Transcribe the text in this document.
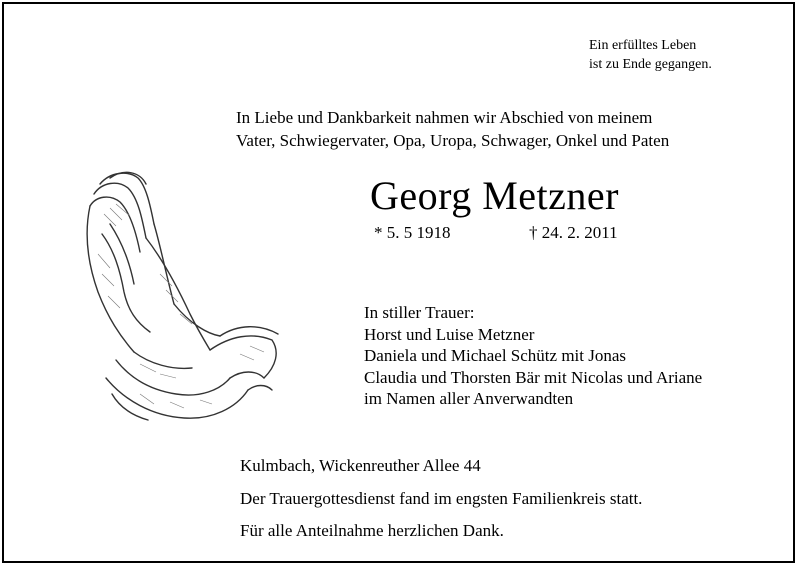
Ein erfülltes Leben
ist zu Ende gegangen.
In Liebe und Dankbarkeit nahmen wir Abschied von meinem
Vater, Schwiegervater, Opa, Uropa, Schwager, Onkel und Paten
Georg Metzner
* 5. 5 1918	† 24. 2. 2011
In stiller Trauer:
Horst und Luise Metzner
Daniela und Michael Schütz mit Jonas
Claudia und Thorsten Bär mit Nicolas und Ariane
im Namen aller Anverwandten
Kulmbach, Wickenreuther Allee 44
Der Trauergottesdienst fand im engsten Familienkreis statt.
Für alle Anteilnahme herzlichen Dank.
